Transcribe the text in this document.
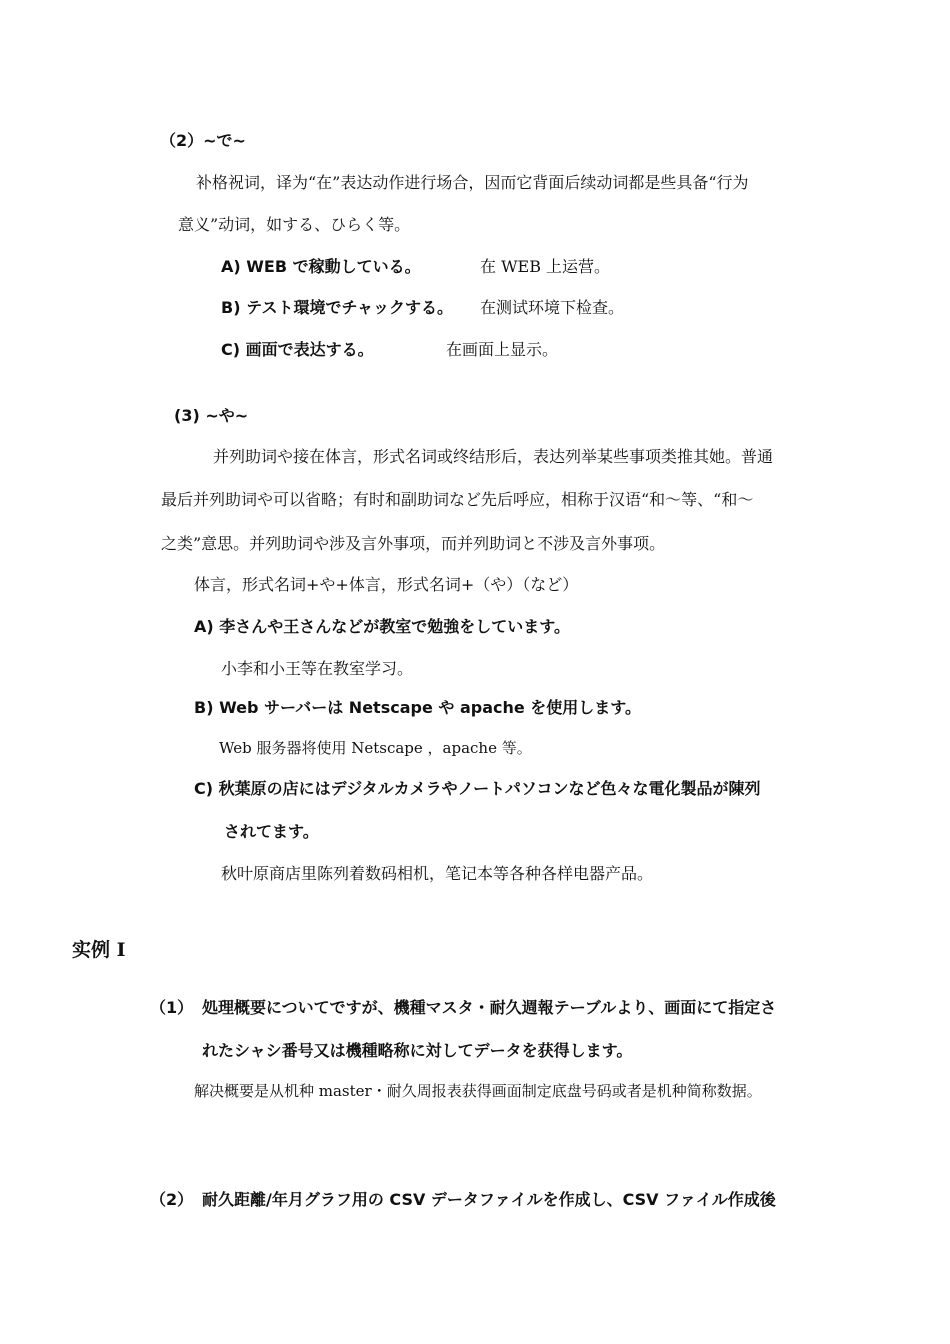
（2）~で~
补格祝词，译为“在”表达动作进行场合，因而它背面后续动词都是些具备“行为
意义”动词，如する、ひらく等。
A) WEB で稼動している。	在 WEB 上运营。
B) テスト環境でチャックする。 在测试环境下检查。
C) 画面で表达する。	在画面上显示。
(3) ~や~
并列助词や接在体言，形式名词或终结形后，表达列举某些事项类推其她。普通
最后并列助词や可以省略；有时和副助词など先后呼应，相称于汉语“和～等、“和～
之类”意思。并列助词や涉及言外事项，而并列助词と不涉及言外事项。
体言，形式名词+や+体言，形式名词+（や）（など）
A) 李さんや王さんなどが教室で勉強をしています。
小李和小王等在教室学习。
B) Web サーバーは Netscape や apache を使用します。
Web 服务器将使用 Netscape ，apache 等。
C) 秋葉原の店にはデジタルカメラやノートパソコンなど色々な電化製品が陳列
されてます。
秋叶原商店里陈列着数码相机，笔记本等各种各样电器产品。
实例 I
（1） 処理概要についてですが、機種マスタ・耐久週報テーブルより、画面にて指定さ
れたシャシ番号又は機種略称に対してデータを获得します。
解决概要是从机种 master・耐久周报表获得画面制定底盘号码或者是机种简称数据。
（2） 耐久距離/年月グラフ用の CSV データファイルを作成し、CSV ファイル作成後
